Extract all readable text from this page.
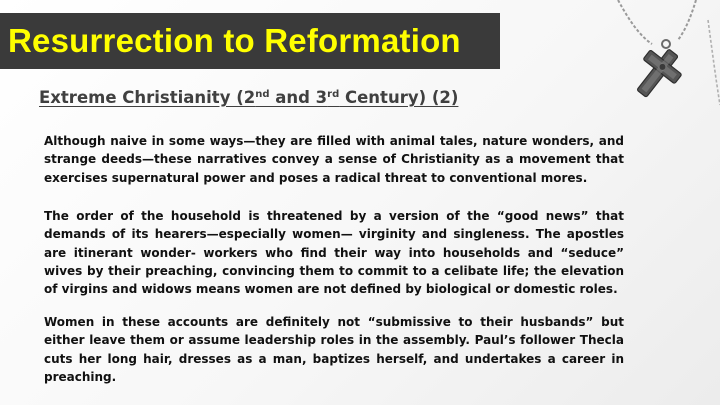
Resurrection to Reformation
Extreme Christianity (2nd and 3rd Century) (2)

Although naive in some ways—they are filled with animal tales, nature wonders, and strange deeds—these narratives convey a sense of Christianity as a movement that exercises supernatural power and poses a radical threat to conventional mores.

The order of the household is threatened by a version of the “good news” that demands of its hearers—especially women— virginity and singleness. The apostles are itinerant wonder- workers who find their way into households and “seduce” wives by their preaching, convincing them to commit to a celibate life; the elevation of virgins and widows means women are not defined by biological or domestic roles.

Women in these accounts are definitely not “submissive to their husbands” but either leave them or assume leadership roles in the assembly. Paul’s follower Thecla cuts her long hair, dresses as a man, baptizes herself, and undertakes a career in preaching.
